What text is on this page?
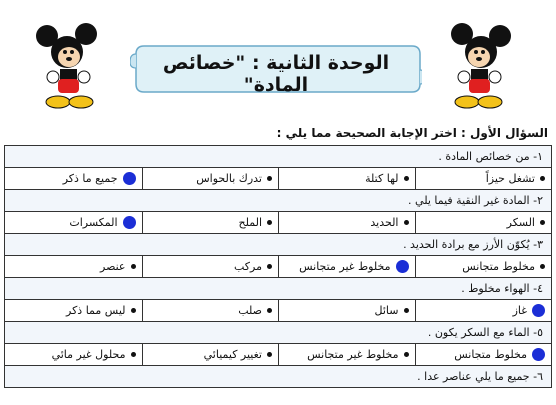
الوحدة الثانية : "خصائص المادة"
السؤال الأول : اختر الإجابة الصحيحة مما يلي :
١- من خصائص المادة .
تشغل حيزاً
لها كتلة
تدرك بالحواس
جميع ما ذكر
٢- المادة غير النقية فيما يلي .
السكر
الحديد
الملح
المكسرات
٣- يُكوّن الأرز مع برادة الحديد .
مخلوط متجانس
مخلوط غير متجانس
مركب
عنصر
٤- الهواء مخلوط .
غاز
سائل
صلب
ليس مما ذكر
٥- الماء مع السكر يكون .
مخلوط متجانس
مخلوط غير متجانس
تغيير كيميائي
محلول غير مائي
٦- جميع ما يلي عناصر عدا .
